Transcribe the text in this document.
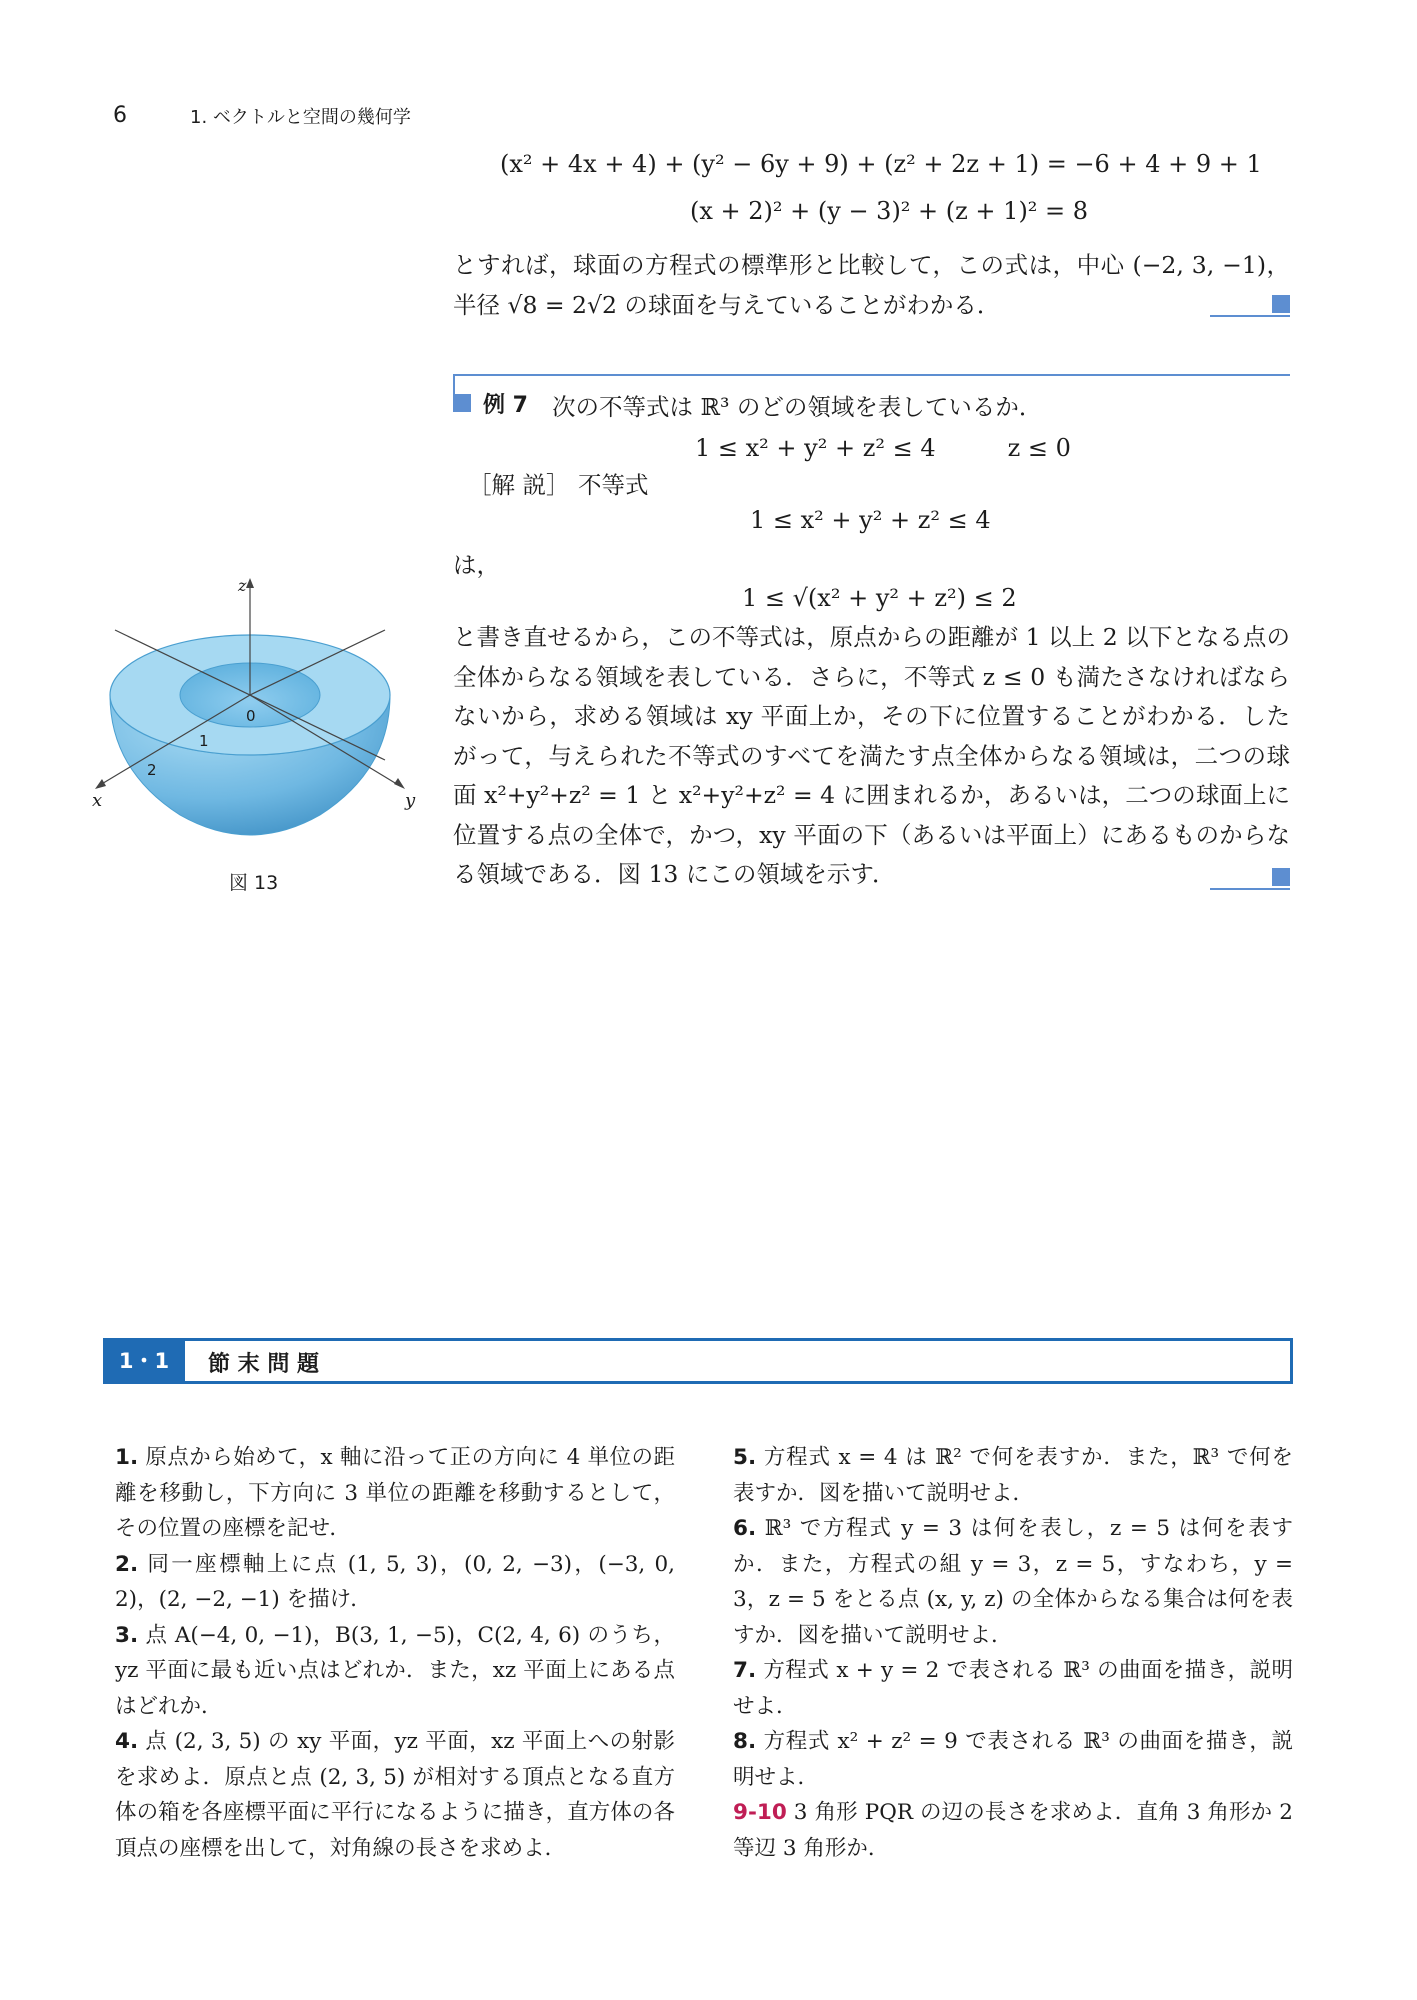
6	1. ベクトルと空間の幾何学
(x² + 4x + 4) + (y² − 6y + 9) + (z² + 2z + 1) = −6 + 4 + 9 + 1
(x + 2)² + (y − 3)² + (z + 1)² = 8
とすれば，球面の方程式の標準形と比較して，この式は，中心 (−2, 3, −1)，半径 √8 = 2√2 の球面を与えていることがわかる．
例 7 次の不等式は ℝ³ のどの領域を表しているか．
1 ≤ x² + y² + z² ≤ 4　　　z ≤ 0
［解 説］ 不等式
1 ≤ x² + y² + z² ≤ 4
は，
1 ≤ √(x² + y² + z²) ≤ 2
と書き直せるから，この不等式は，原点からの距離が 1 以上 2 以下となる点の全体からなる領域を表している．さらに，不等式 z ≤ 0 も満たさなければならないから，求める領域は xy 平面上か，その下に位置することがわかる．したがって，与えられた不等式のすべてを満たす点全体からなる領域は，二つの球面 x²+y²+z² = 1 と x²+y²+z² = 4 に囲まれるか，あるいは，二つの球面上に位置する点の全体で，かつ，xy 平面の下（あるいは平面上）にあるものからなる領域である．図 13 にこの領域を示す．
z
x	y
0
1
2
図 13
1・1	節 末 問 題
1. 原点から始めて，x 軸に沿って正の方向に 4 単位の距離を移動し，下方向に 3 単位の距離を移動するとして，その位置の座標を記せ．
2. 同一座標軸上に点 (1, 5, 3)，(0, 2, −3)，(−3, 0, 2)，(2, −2, −1) を描け．
3. 点 A(−4, 0, −1)，B(3, 1, −5)，C(2, 4, 6) のうち，yz 平面に最も近い点はどれか．また，xz 平面上にある点はどれか．
4. 点 (2, 3, 5) の xy 平面，yz 平面，xz 平面上への射影を求めよ．原点と点 (2, 3, 5) が相対する頂点となる直方体の箱を各座標平面に平行になるように描き，直方体の各頂点の座標を出して，対角線の長さを求めよ．
5. 方程式 x = 4 は ℝ² で何を表すか．また，ℝ³ で何を表すか．図を描いて説明せよ．
6. ℝ³ で方程式 y = 3 は何を表し，z = 5 は何を表すか．また，方程式の組 y = 3，z = 5，すなわち，y = 3，z = 5 をとる点 (x, y, z) の全体からなる集合は何を表すか．図を描いて説明せよ．
7. 方程式 x + y = 2 で表される ℝ³ の曲面を描き，説明せよ．
8. 方程式 x² + z² = 9 で表される ℝ³ の曲面を描き，説明せよ．
9-10 3 角形 PQR の辺の長さを求めよ．直角 3 角形か 2 等辺 3 角形か．
